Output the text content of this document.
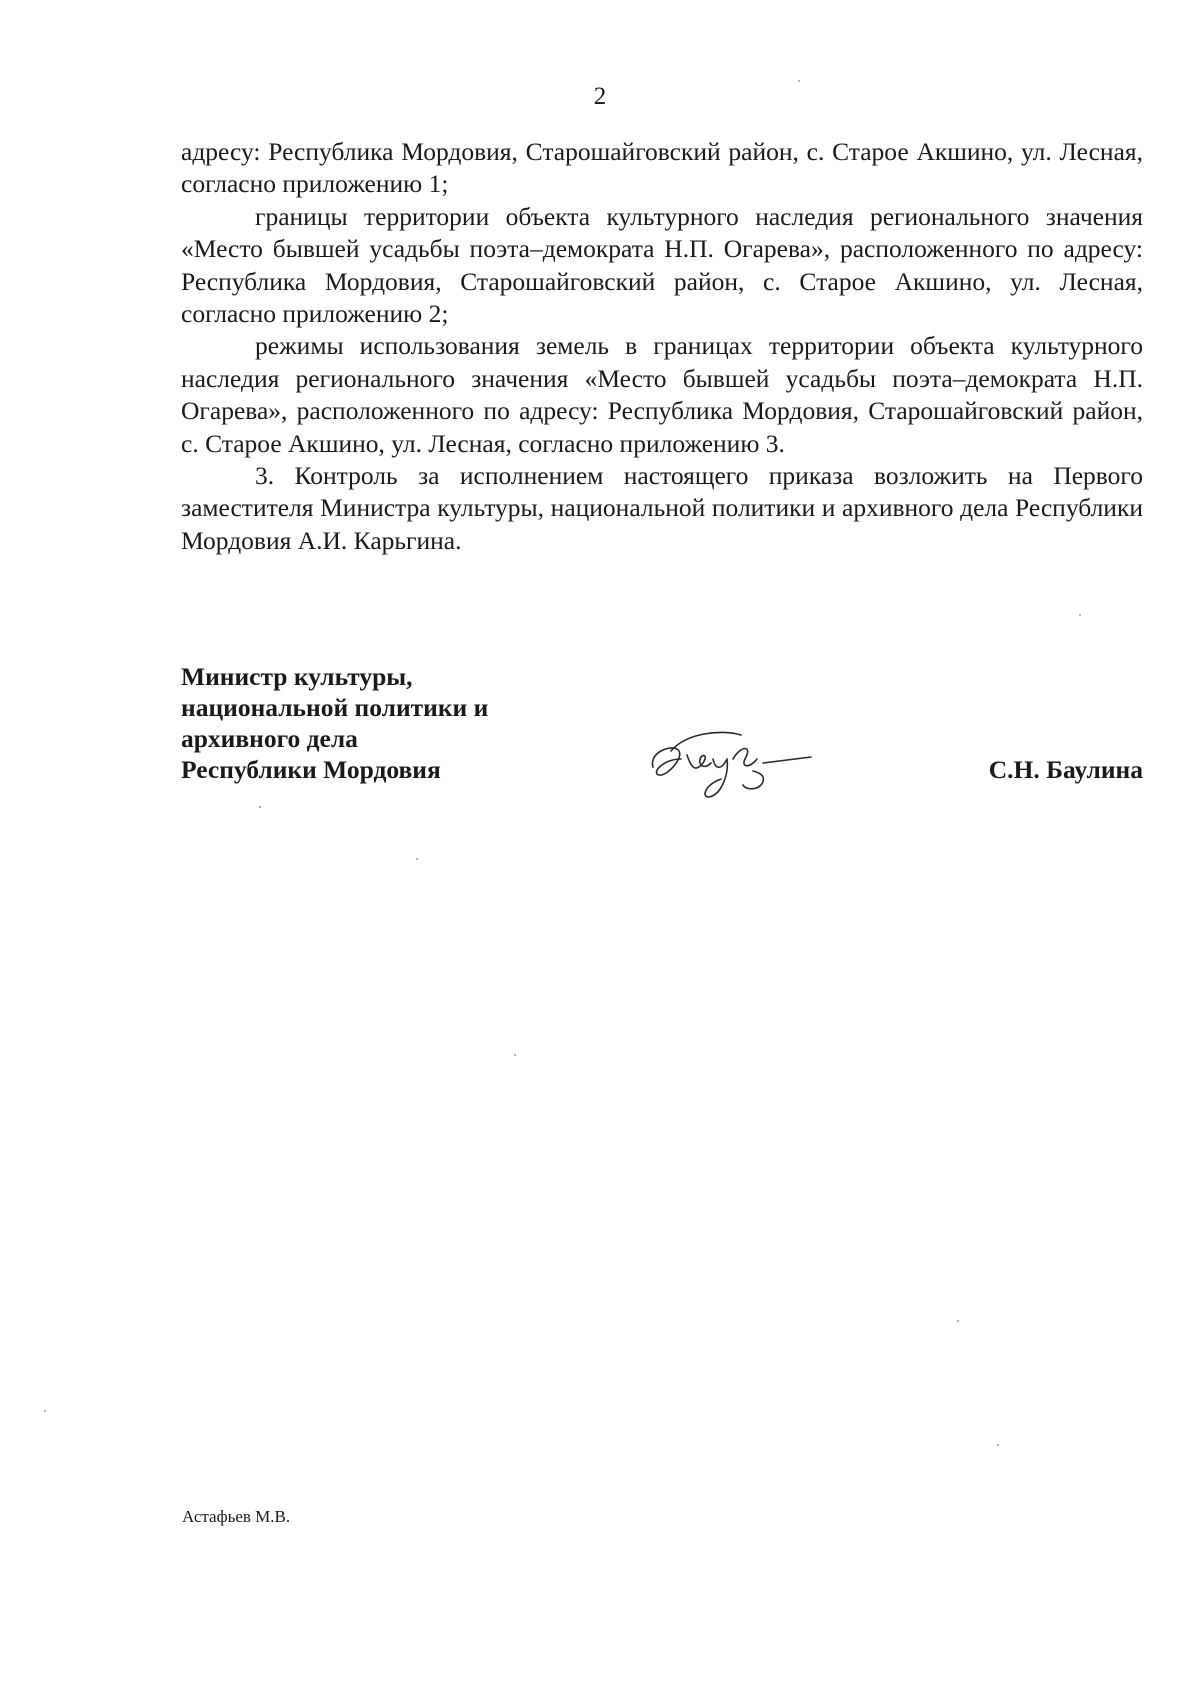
2

адресу: Республика Мордовия, Старошайговский район, с. Старое Акшино, ул. Лесная, согласно приложению 1;

границы территории объекта культурного наследия регионального значения «Место бывшей усадьбы поэта–демократа Н.П. Огарева», расположенного по адресу: Республика Мордовия, Старошайговский район, с. Старое Акшино, ул. Лесная, согласно приложению 2;

режимы использования земель в границах территории объекта культурного наследия регионального значения «Место бывшей усадьбы поэта–демократа Н.П. Огарева», расположенного по адресу: Республика Мордовия, Старошайговский район, с. Старое Акшино, ул. Лесная, согласно приложению 3.

3. Контроль за исполнением настоящего приказа возложить на Первого заместителя Министра культуры, национальной политики и архивного дела Республики Мордовия А.И. Карьгина.

Министр культуры,
национальной политики и
архивного дела
Республики Мордовия	С.Н. Баулина
Астафьев М.В.
